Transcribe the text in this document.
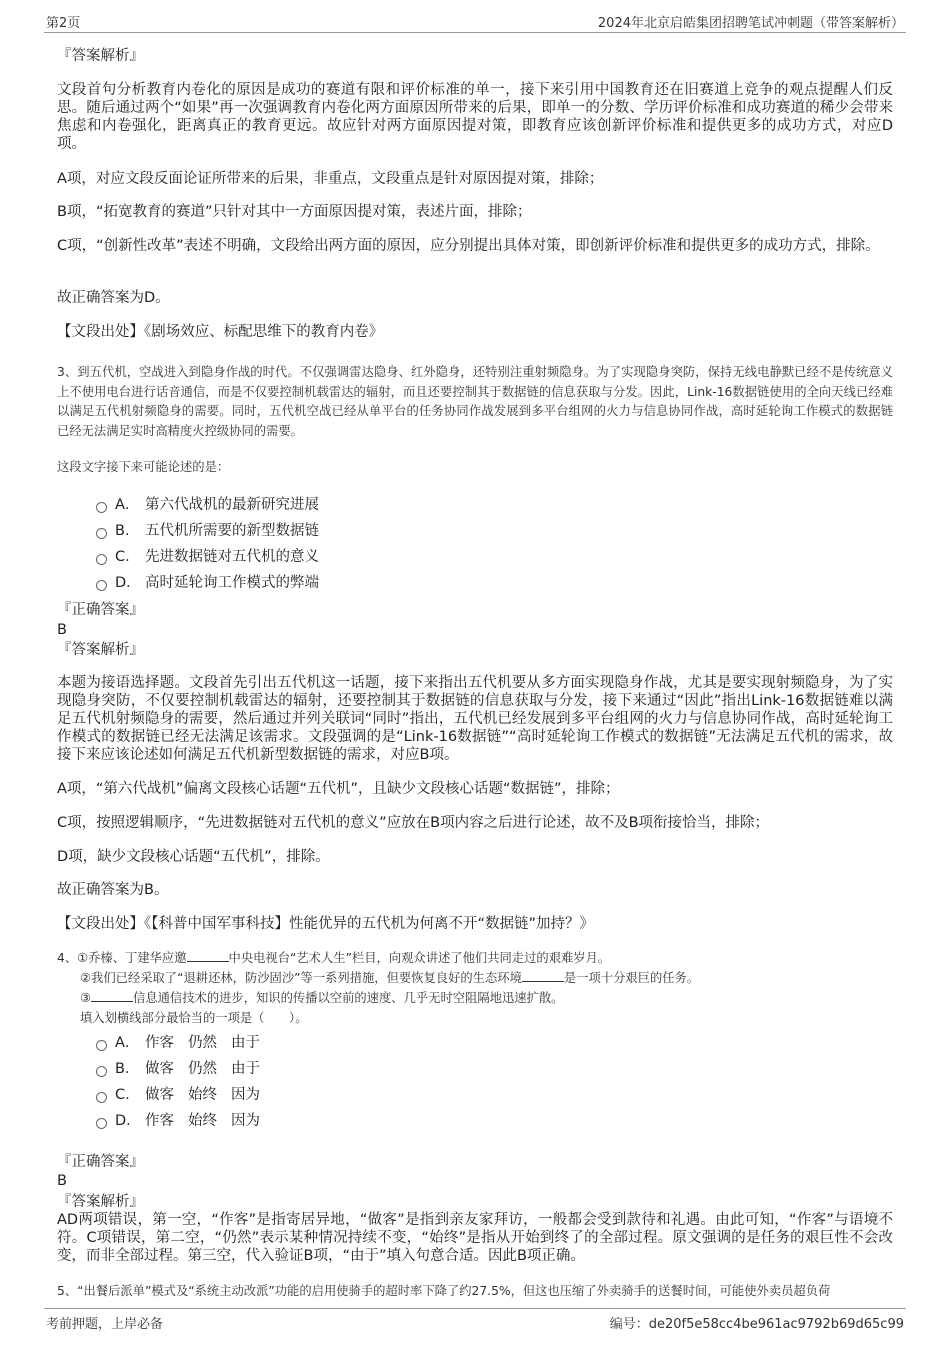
第2页	2024年北京启皓集团招聘笔试冲刺题（带答案解析）
『答案解析』
文段首句分析教育内卷化的原因是成功的赛道有限和评价标准的单一，接下来引用中国教育还在旧赛道上竞争的观点提醒人们反思。随后通过两个“如果”再一次强调教育内卷化两方面原因所带来的后果，即单一的分数、学历评价标准和成功赛道的稀少会带来焦虑和内卷强化，距离真正的教育更远。故应针对两方面原因提对策，即教育应该创新评价标准和提供更多的成功方式，对应D项。
A项，对应文段反面论证所带来的后果，非重点，文段重点是针对原因提对策，排除；
B项，“拓宽教育的赛道”只针对其中一方面原因提对策，表述片面，排除；
C项，“创新性改革”表述不明确，文段给出两方面的原因，应分别提出具体对策，即创新评价标准和提供更多的成功方式，排除。
故正确答案为D。
【文段出处】《剧场效应、标配思维下的教育内卷》
3、到五代机，空战进入到隐身作战的时代。不仅强调雷达隐身、红外隐身，还特别注重射频隐身。为了实现隐身突防，保持无线电静默已经不是传统意义上不使用电台进行话音通信，而是不仅要控制机载雷达的辐射，而且还要控制其于数据链的信息获取与分发。因此，Link-16数据链使用的全向天线已经难以满足五代机射频隐身的需要。同时，五代机空战已经从单平台的任务协同作战发展到多平台组网的火力与信息协同作战，高时延轮询工作模式的数据链已经无法满足实时高精度火控级协同的需要。
这段文字接下来可能论述的是：
A． 第六代战机的最新研究进展
B． 五代机所需要的新型数据链
C． 先进数据链对五代机的意义
D． 高时延轮询工作模式的弊端
『正确答案』
B
『答案解析』
本题为接语选择题。文段首先引出五代机这一话题，接下来指出五代机要从多方面实现隐身作战，尤其是要实现射频隐身，为了实现隐身突防，不仅要控制机载雷达的辐射，还要控制其于数据链的信息获取与分发，接下来通过“因此”指出Link-16数据链难以满足五代机射频隐身的需要，然后通过并列关联词“同时”指出，五代机已经发展到多平台组网的火力与信息协同作战，高时延轮询工作模式的数据链已经无法满足该需求。文段强调的是“Link-16数据链”“高时延轮询工作模式的数据链”无法满足五代机的需求，故接下来应该论述如何满足五代机新型数据链的需求，对应B项。
A项，“第六代战机”偏离文段核心话题“五代机”，且缺少文段核心话题“数据链”，排除；
C项，按照逻辑顺序，“先进数据链对五代机的意义”应放在B项内容之后进行论述，故不及B项衔接恰当，排除；
D项，缺少文段核心话题“五代机”，排除。
故正确答案为B。
【文段出处】《【科普中国军事科技】性能优异的五代机为何离不开“数据链”加持？》
4、①乔榛、丁建华应邀	中央电视台“艺术人生”栏目，向观众讲述了他们共同走过的艰难岁月。
②我们已经采取了“退耕还林，防沙固沙”等一系列措施，但要恢复良好的生态环境	是一项十分艰巨的任务。
③	信息通信技术的进步，知识的传播以空前的速度、几乎无时空阻隔地迅速扩散。
填入划横线部分最恰当的一项是（　　）。
A． 作客 仍然 由于
B． 做客 仍然 由于
C． 做客 始终 因为
D． 作客 始终 因为
『正确答案』
B
『答案解析』
AD两项错误，第一空，“作客”是指寄居异地，“做客”是指到亲友家拜访，一般都会受到款待和礼遇。由此可知，“作客”与语境不符。C项错误，第二空，“仍然”表示某种情况持续不变，“始终”是指从开始到终了的全部过程。原文强调的是任务的艰巨性不会改变，而非全部过程。第三空，代入验证B项，“由于”填入句意合适。因此B项正确。
5、“出餐后派单”模式及“系统主动改派”功能的启用使骑手的超时率下降了约27.5%，但这也压缩了外卖骑手的送餐时间，可能使外卖员超负荷
考前押题，上岸必备	编号：de20f5e58cc4be961ac9792b69d65c99
